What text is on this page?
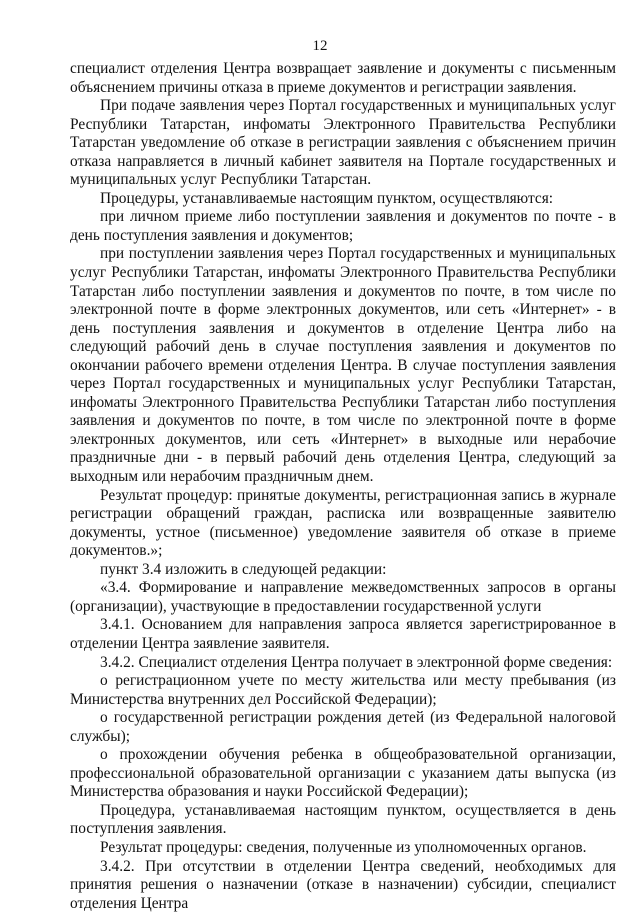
12

специалист отделения Центра возвращает заявление и документы с письменным объяснением причины отказа в приеме документов и регистрации заявления.

При подаче заявления через Портал государственных и муниципальных услуг Республики Татарстан, инфоматы Электронного Правительства Республики Татарстан уведомление об отказе в регистрации заявления с объяснением причин отказа направляется в личный кабинет заявителя на Портале государственных и муниципальных услуг Республики Татарстан.

Процедуры, устанавливаемые настоящим пунктом, осуществляются:

при личном приеме либо поступлении заявления и документов по почте - в день поступления заявления и документов;

при поступлении заявления через Портал государственных и муниципальных услуг Республики Татарстан, инфоматы Электронного Правительства Республики Татарстан либо поступлении заявления и документов по почте, в том числе по электронной почте в форме электронных документов, или сеть «Интернет» - в день поступления заявления и документов в отделение Центра либо на следующий рабочий день в случае поступления заявления и документов по окончании рабочего времени отделения Центра. В случае поступления заявления через Портал государственных и муниципальных услуг Республики Татарстан, инфоматы Электронного Правительства Республики Татарстан либо поступления заявления и документов по почте, в том числе по электронной почте в форме электронных документов, или сеть «Интернет» в выходные или нерабочие праздничные дни - в первый рабочий день отделения Центра, следующий за выходным или нерабочим праздничным днем.

Результат процедур: принятые документы, регистрационная запись в журнале регистрации обращений граждан, расписка или возвращенные заявителю документы, устное (письменное) уведомление заявителя об отказе в приеме документов.»;

пункт 3.4 изложить в следующей редакции:

«3.4. Формирование и направление межведомственных запросов в органы (организации), участвующие в предоставлении государственной услуги

3.4.1. Основанием для направления запроса является зарегистрированное в отделении Центра заявление заявителя.

3.4.2. Специалист отделения Центра получает в электронной форме сведения:

о регистрационном учете по месту жительства или месту пребывания (из Министерства внутренних дел Российской Федерации);

о государственной регистрации рождения детей (из Федеральной налоговой службы);

о прохождении обучения ребенка в общеобразовательной организации, профессиональной образовательной организации с указанием даты выпуска (из Министерства образования и науки Российской Федерации);

Процедура, устанавливаемая настоящим пунктом, осуществляется в день поступления заявления.

Результат процедуры: сведения, полученные из уполномоченных органов.

3.4.2. При отсутствии в отделении Центра сведений, необходимых для принятия решения о назначении (отказе в назначении) субсидии, специалист отделения Центра
